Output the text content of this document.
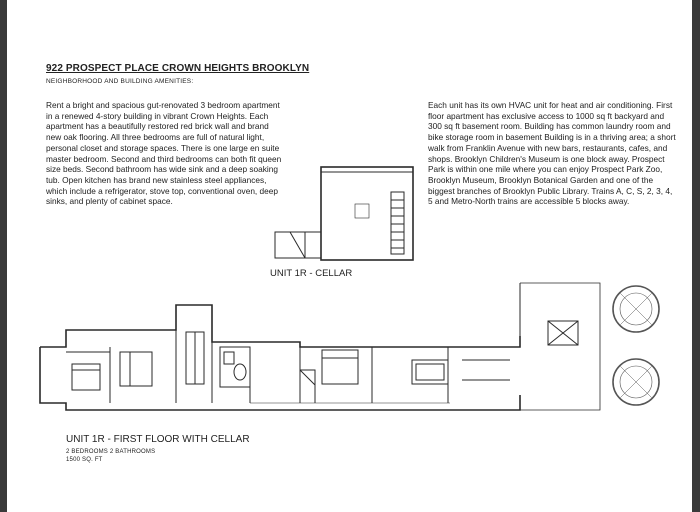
922 PROSPECT PLACE CROWN HEIGHTS BROOKLYN
NEIGHBORHOOD AND BUILDING AMENITIES:
Rent a bright and spacious gut-renovated 3 bedroom apartment in a renewed 4-story building in vibrant Crown Heights. Each apartment has a beautifully restored red brick wall and brand new oak flooring. All three bedrooms are full of natural light, personal closet and storage spaces. There is one large en suite master bedroom. Second and third bedrooms can both fit queen size beds. Second bathroom has wide sink and a deep soaking tub. Open kitchen has brand new stainless steel appliances, which include a refrigerator, stove top, conventional oven, deep sinks, and plenty of cabinet space.
Each unit has its own HVAC unit for heat and air conditioning. First floor apartment has exclusive access to 1000 sq ft backyard and 300 sq ft basement room. Building has common laundry room and bike storage room in basement Building is in a thriving area; a short walk from Franklin Avenue with new bars, restaurants, cafes, and shops. Brooklyn Children's Museum is one block away. Prospect Park is within one mile where you can enjoy Prospect Park Zoo, Brooklyn Museum, Brooklyn Botanical Garden and one of the biggest branches of Brooklyn Public Library. Trains A, C, S, 2, 3, 4, 5 and Metro-North trains are accessible 5 blocks away.
UNIT 1R - CELLAR
UNIT 1R - FIRST FLOOR WITH CELLAR
2 BEDROOMS 2 BATHROOMS
1500 SQ. FT
